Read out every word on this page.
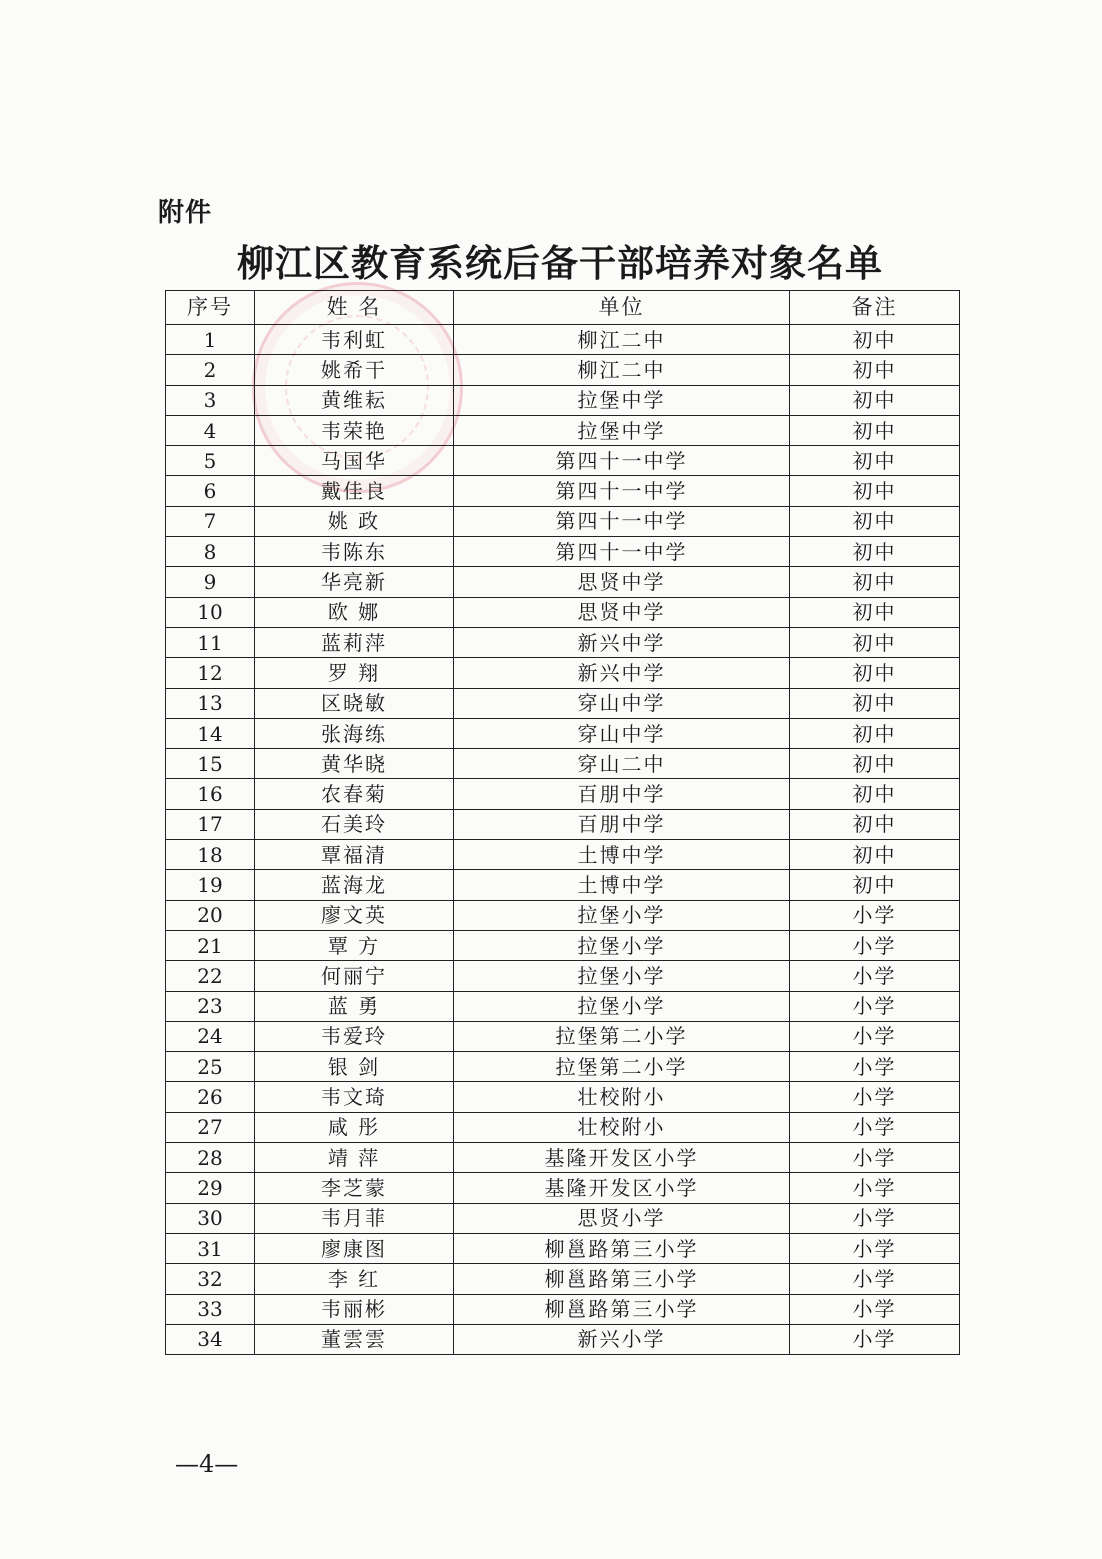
附件
柳江区教育系统后备干部培养对象名单
序号	姓 名	单位	备注
1	韦利虹	柳江二中	初中
2	姚希干	柳江二中	初中
3	黄维耘	拉堡中学	初中
4	韦荣艳	拉堡中学	初中
5	马国华	第四十一中学	初中
6	戴佳良	第四十一中学	初中
7	姚 政	第四十一中学	初中
8	韦陈东	第四十一中学	初中
9	华亮新	思贤中学	初中
10	欧 娜	思贤中学	初中
11	蓝莉萍	新兴中学	初中
12	罗 翔	新兴中学	初中
13	区晓敏	穿山中学	初中
14	张海练	穿山中学	初中
15	黄华晓	穿山二中	初中
16	农春菊	百朋中学	初中
17	石美玲	百朋中学	初中
18	覃福清	土博中学	初中
19	蓝海龙	土博中学	初中
20	廖文英	拉堡小学	小学
21	覃 方	拉堡小学	小学
22	何丽宁	拉堡小学	小学
23	蓝 勇	拉堡小学	小学
24	韦爱玲	拉堡第二小学	小学
25	银 剑	拉堡第二小学	小学
26	韦文琦	壮校附小	小学
27	咸 彤	壮校附小	小学
28	靖 萍	基隆开发区小学	小学
29	李芝蒙	基隆开发区小学	小学
30	韦月菲	思贤小学	小学
31	廖康图	柳邕路第三小学	小学
32	李 红	柳邕路第三小学	小学
33	韦丽彬	柳邕路第三小学	小学
34	董雲雲	新兴小学	小学
—4—
